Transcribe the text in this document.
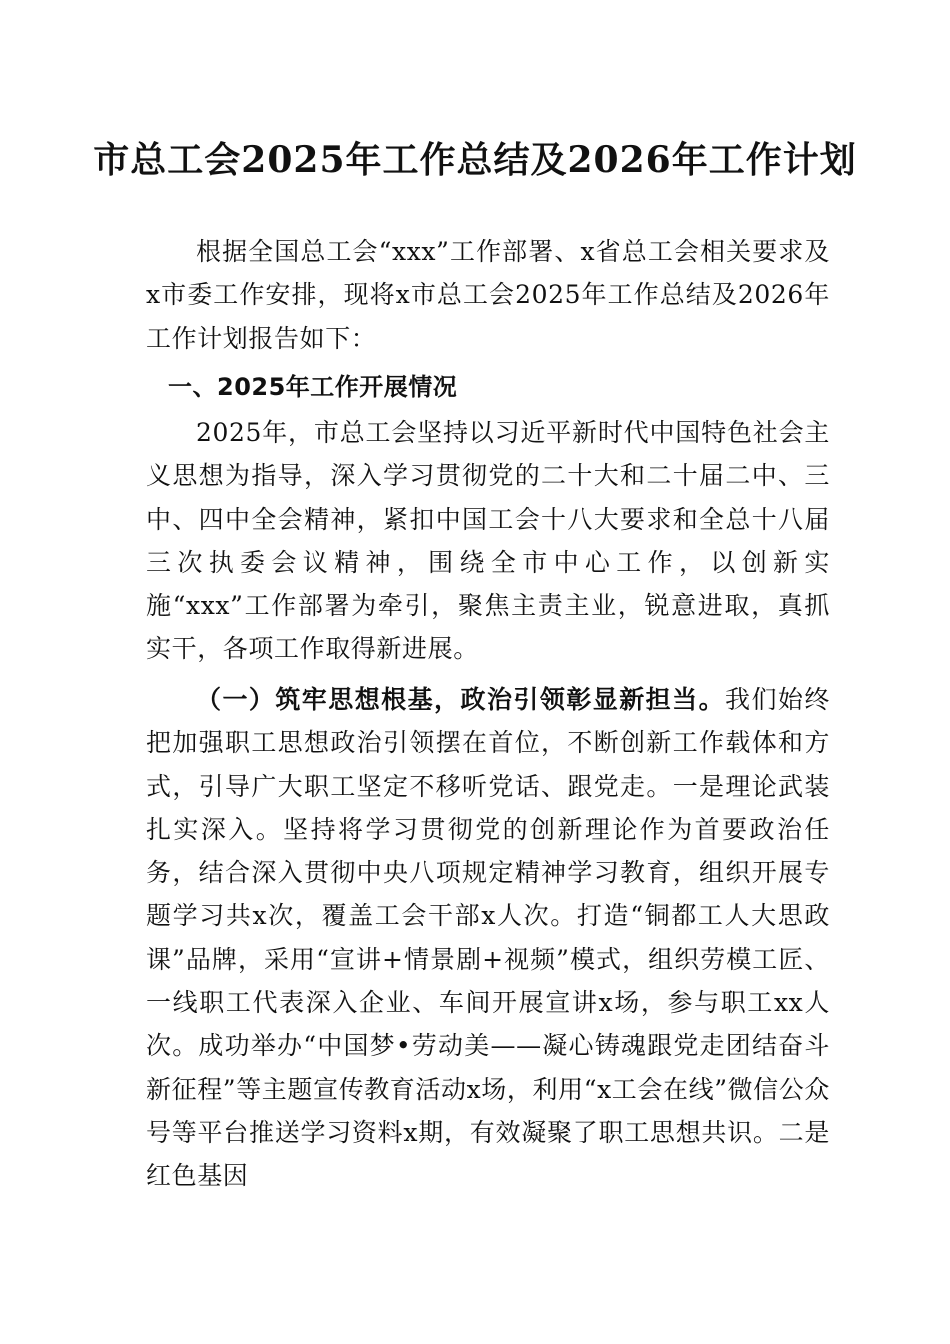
市总工会2025年工作总结及2026年工作计划
根据全国总工会“xxx”工作部署、x省总工会相关要求及x市委工作安排，现将x市总工会2025年工作总结及2026年工作计划报告如下：
一、2025年工作开展情况
2025年，市总工会坚持以习近平新时代中国特色社会主义思想为指导，深入学习贯彻党的二十大和二十届二中、三中、四中全会精神，紧扣中国工会十八大要求和全总十八届三次执委会议精神，围绕全市中心工作，以创新实施“xxx”工作部署为牵引，聚焦主责主业，锐意进取，真抓实干，各项工作取得新进展。
（一）筑牢思想根基，政治引领彰显新担当。我们始终把加强职工思想政治引领摆在首位，不断创新工作载体和方式，引导广大职工坚定不移听党话、跟党走。一是理论武装扎实深入。坚持将学习贯彻党的创新理论作为首要政治任务，结合深入贯彻中央八项规定精神学习教育，组织开展专题学习共x次，覆盖工会干部x人次。打造“铜都工人大思政课”品牌，采用“宣讲+情景剧+视频”模式，组织劳模工匠、一线职工代表深入企业、车间开展宣讲x场，参与职工xx人次。成功举办“中国梦•劳动美——凝心铸魂跟党走团结奋斗新征程”等主题宣传教育活动x场，利用“x工会在线”微信公众号等平台推送学习资料x期，有效凝聚了职工思想共识。二是红色基因
